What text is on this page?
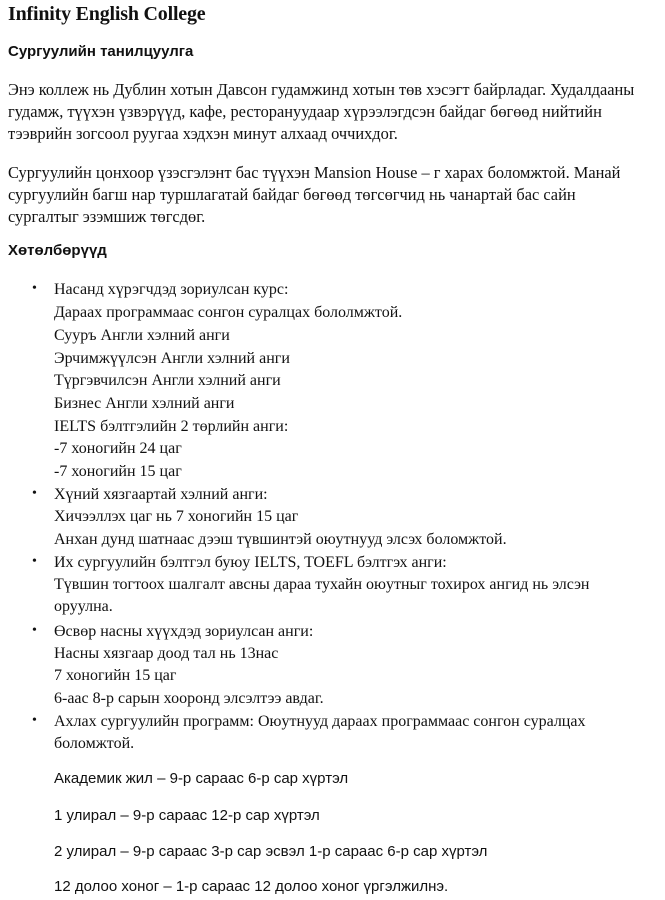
Infinity English College
Сургуулийн танилцуулга
Энэ коллеж нь Дублин хотын Давсон гудамжинд хотын төв хэсэгт байрладаг. Худалдааны
гудамж, түүхэн үзвэрүүд, кафе, ресторануудаар хүрээлэгдсэн байдаг бөгөөд нийтийн
тээврийн зогсоол руугаа хэдхэн минут алхаад оччихдог.
Сургуулийн цонхоор үзэсгэлэнт бас түүхэн Mansion House – г харах боломжтой. Манай
сургуулийн багш нар туршлагатай байдаг бөгөөд төгсөгчид нь чанартай бас сайн
сургалтыг эзэмшиж төгсдөг.
Хөтөлбөрүүд
• Насанд хүрэгчдэд зориулсан курс:
Дараах программаас сонгон суралцах бололмжтой.
Сууръ Англи хэлний анги
Эрчимжүүлсэн Англи хэлний анги
Түргэвчилсэн Англи хэлний анги
Бизнес Англи хэлний анги
IELTS бэлтгэлийн 2 төрлийн анги:
-7 хоногийн 24 цаг
-7 хоногийн 15 цаг
• Хүний хязгаартай хэлний анги:
Хичээллэх цаг нь 7 хоногийн 15 цаг
Анхан дунд шатнаас дээш түвшинтэй оюутнууд элсэх боломжтой.
• Их сургуулийн бэлтгэл буюу IELTS, TOEFL бэлтгэх анги:
Түвшин тогтоох шалгалт авсны дараа тухайн оюутныг тохирох ангид нь элсэн
оруулна.
• Өсвөр насны хүүхдэд зориулсан анги:
Насны хязгаар доод тал нь 13нас
7 хоногийн 15 цаг
6-аас 8-р сарын хооронд элсэлтээ авдаг.
• Ахлах сургуулийн программ: Оюутнууд дараах программаас сонгон суралцах
боломжтой.
Академик жил – 9-р сараас 6-р сар хүртэл
1 улирал – 9-р сараас 12-р сар хүртэл
2 улирал – 9-р сараас 3-р сар эсвэл 1-р сараас 6-р сар хүртэл
12 долоо хоног – 1-р сараас 12 долоо хоног үргэлжилнэ.
